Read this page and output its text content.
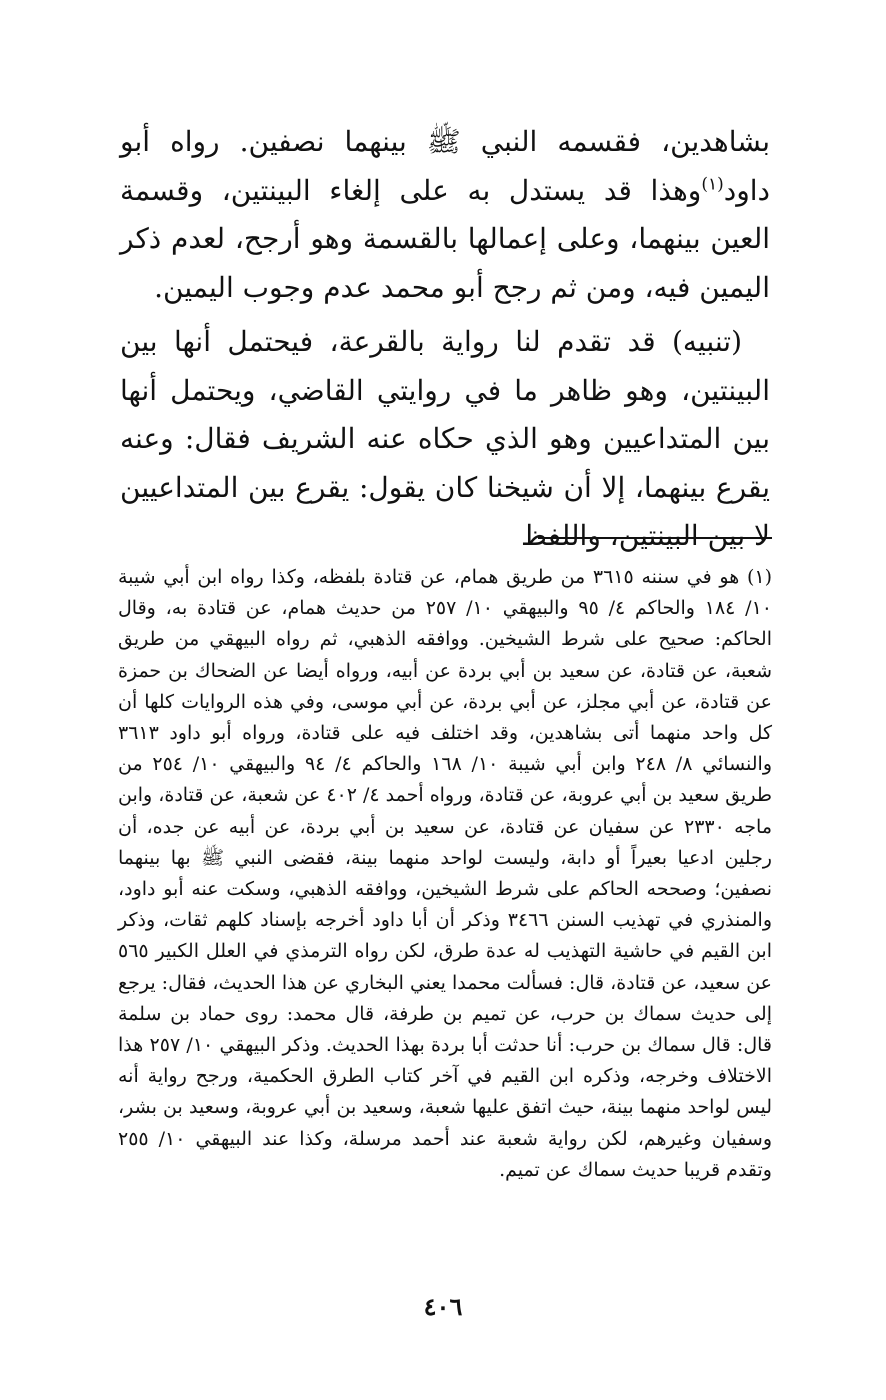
بشاهدين، فقسمه النبي ﷺ بينهما نصفين. رواه أبو داود$^{(١)}$وهذا قد يستدل به على إلغاء البينتين، وقسمة العين بينهما، وعلى إعمالها بالقسمة وهو أرجح، لعدم ذكر اليمين فيه، ومن ثم رجح أبو محمد عدم وجوب اليمين.

(تنبيه) قد تقدم لنا رواية بالقرعة، فيحتمل أنها بين البينتين، وهو ظاهر ما في روايتي القاضي، ويحتمل أنها بين المتداعيين وهو الذي حكاه عنه الشريف فقال: وعنه يقرع بينهما، إلا أن شيخنا كان يقول: يقرع بين المتداعيين لا بين البينتين، واللفظ

(١) هو في سننه ٣٦١٥ من طريق همام، عن قتادة بلفظه، وكذا رواه ابن أبي شيبة ١٠/ ١٨٤ والحاكم ٤/ ٩٥ والبيهقي ١٠/ ٢٥٧ من حديث همام، عن قتادة به، وقال الحاكم: صحيح على شرط الشيخين. ووافقه الذهبي، ثم رواه البيهقي من طريق شعبة، عن قتادة، عن سعيد بن أبي بردة عن أبيه، ورواه أيضا عن الضحاك بن حمزة عن قتادة، عن أبي مجلز، عن أبي بردة، عن أبي موسى، وفي هذه الروايات كلها أن كل واحد منهما أتى بشاهدين، وقد اختلف فيه على قتادة، ورواه أبو داود ٣٦١٣ والنسائي ٨/ ٢٤٨ وابن أبي شيبة ١٠/ ١٦٨ والحاكم ٤/ ٩٤ والبيهقي ١٠/ ٢٥٤ من طريق سعيد بن أبي عروبة، عن قتادة، ورواه أحمد ٤/ ٤٠٢ عن شعبة، عن قتادة، وابن ماجه ٢٣٣٠ عن سفيان عن قتادة، عن سعيد بن أبي بردة، عن أبيه عن جده، أن رجلين ادعيا بعيراً أو دابة، وليست لواحد منهما بينة، فقضى النبي ﷺ بها بينهما نصفين؛ وصححه الحاكم على شرط الشيخين، ووافقه الذهبي، وسكت عنه أبو داود، والمنذري في تهذيب السنن ٣٤٦٦ وذكر أن أبا داود أخرجه بإسناد كلهم ثقات، وذكر ابن القيم في حاشية التهذيب له عدة طرق، لكن رواه الترمذي في العلل الكبير ٥٦٥ عن سعيد، عن قتادة، قال: فسألت محمدا يعني البخاري عن هذا الحديث، فقال: يرجع إلى حديث سماك بن حرب، عن تميم بن طرفة، قال محمد: روى حماد بن سلمة قال: قال سماك بن حرب: أنا حدثت أبا بردة بهذا الحديث. وذكر البيهقي ١٠/ ٢٥٧ هذا الاختلاف وخرجه، وذكره ابن القيم في آخر كتاب الطرق الحكمية، ورجح رواية أنه ليس لواحد منهما بينة، حيث اتفق عليها شعبة، وسعيد بن أبي عروبة، وسعيد بن بشر، وسفيان وغيرهم، لكن رواية شعبة عند أحمد مرسلة، وكذا عند البيهقي ١٠/ ٢٥٥ وتقدم قريبا حديث سماك عن تميم.

٤٠٦
